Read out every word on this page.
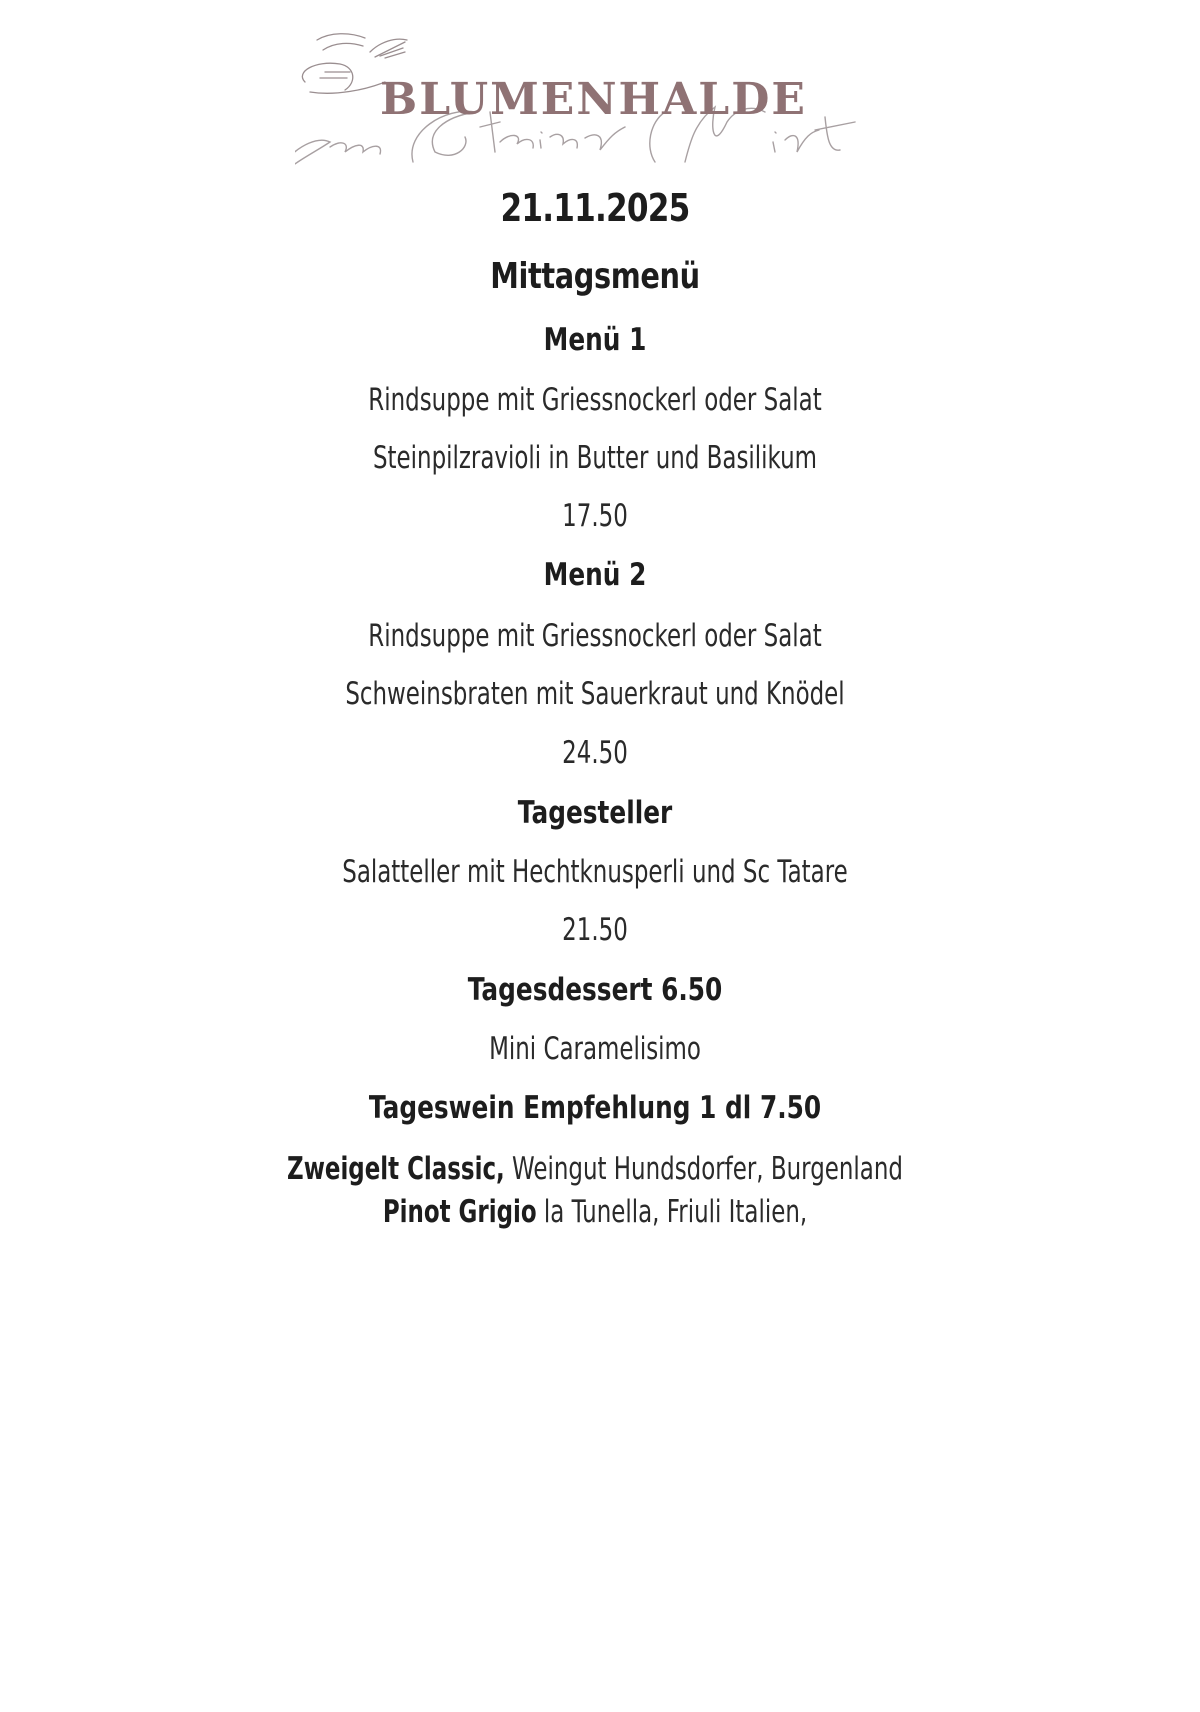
BLUMENHALDE
21.11.2025
Mittagsmenü
Menü 1
Rindsuppe mit Griessnockerl oder Salat
Steinpilzravioli in Butter und Basilikum
17.50
Menü 2
Rindsuppe mit Griessnockerl oder Salat
Schweinsbraten mit Sauerkraut und Knödel
24.50
Tagesteller
Salatteller mit Hechtknusperli und Sc Tatare
21.50
Tagesdessert 6.50
Mini Caramelisimo
Tageswein Empfehlung 1 dl 7.50
Zweigelt Classic, Weingut Hundsdorfer, Burgenland
Pinot Grigio la Tunella, Friuli Italien,
